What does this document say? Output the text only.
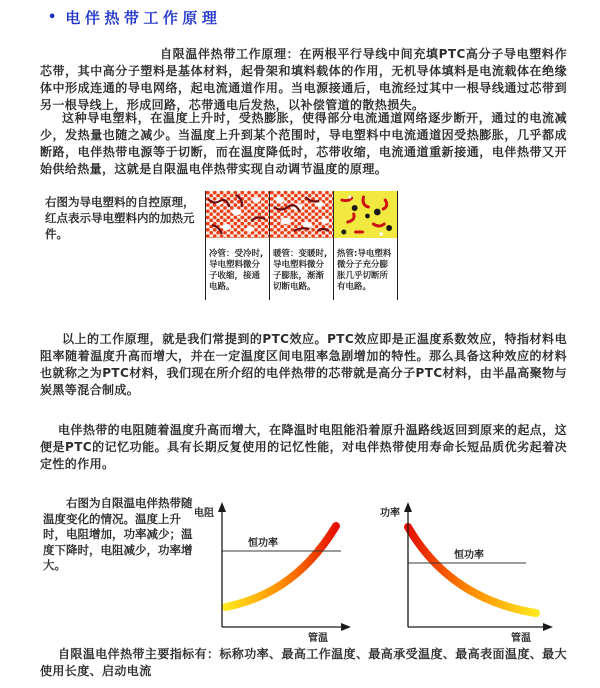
• 电伴热带工作原理

自限温伴热带工作原理：在两根平行导线中间充填PTC高分子导电塑料作芯带，其中高分子塑料是基体材料，起骨架和填料载体的作用，无机导体填料是电流载体在绝缘体中形成连通的导电网络，起电流通道作用。当电源接通后，电流经过其中一根导线通过芯带到另一根导线上，形成回路，芯带通电后发热，以补偿管道的散热损失。

这种导电塑料，在温度上升时，受热膨胀，使得部分电流通道网络逐步断开，通过的电流减少，发热量也随之减少。当温度上升到某个范围时，导电塑料中电流通道因受热膨胀，几乎都成断路，电伴热带电源等于切断，而在温度降低时，芯带收缩，电流通道重新接通，电伴热带又开始供给热量，这就是自限温电伴热带实现自动调节温度的原理。

右图为导电塑料的自控原理，红点表示导电塑料内的加热元件。
冷管：受冷时,导电塑料微分子收缩，接通电路。
暖管：变暖时,导电塑料微分子膨胀，渐渐切断电路。
热管:导电塑料微分子充分膨胀几乎切断所有电路。

以上的工作原理，就是我们常提到的PTC效应。PTC效应即是正温度系数效应，特指材料电阻率随着温度升高而增大，并在一定温度区间电阻率急剧增加的特性。那么具备这种效应的材料也就称之为PTC材料，我们现在所介绍的电伴热带的芯带就是高分子PTC材料，由半晶高聚物与炭黑等混合制成。

电伴热带的电阻随着温度升高而增大，在降温时电阻能沿着原升温路线返回到原来的起点，这便是PTC的记忆功能。具有长期反复使用的记忆性能，对电伴热带使用寿命长短品质优劣起着决定性的作用。

右图为自限温电伴热带随温度变化的情况。温度上升时，电阻增加，功率减少；温度下降时，电阻减少，功率增大。
电阻
管温
恒功率
功率
管温
恒功率

自限温电伴热带主要指标有：标称功率、最高工作温度、最高承受温度、最高表面温度、最大使用长度、启动电流
